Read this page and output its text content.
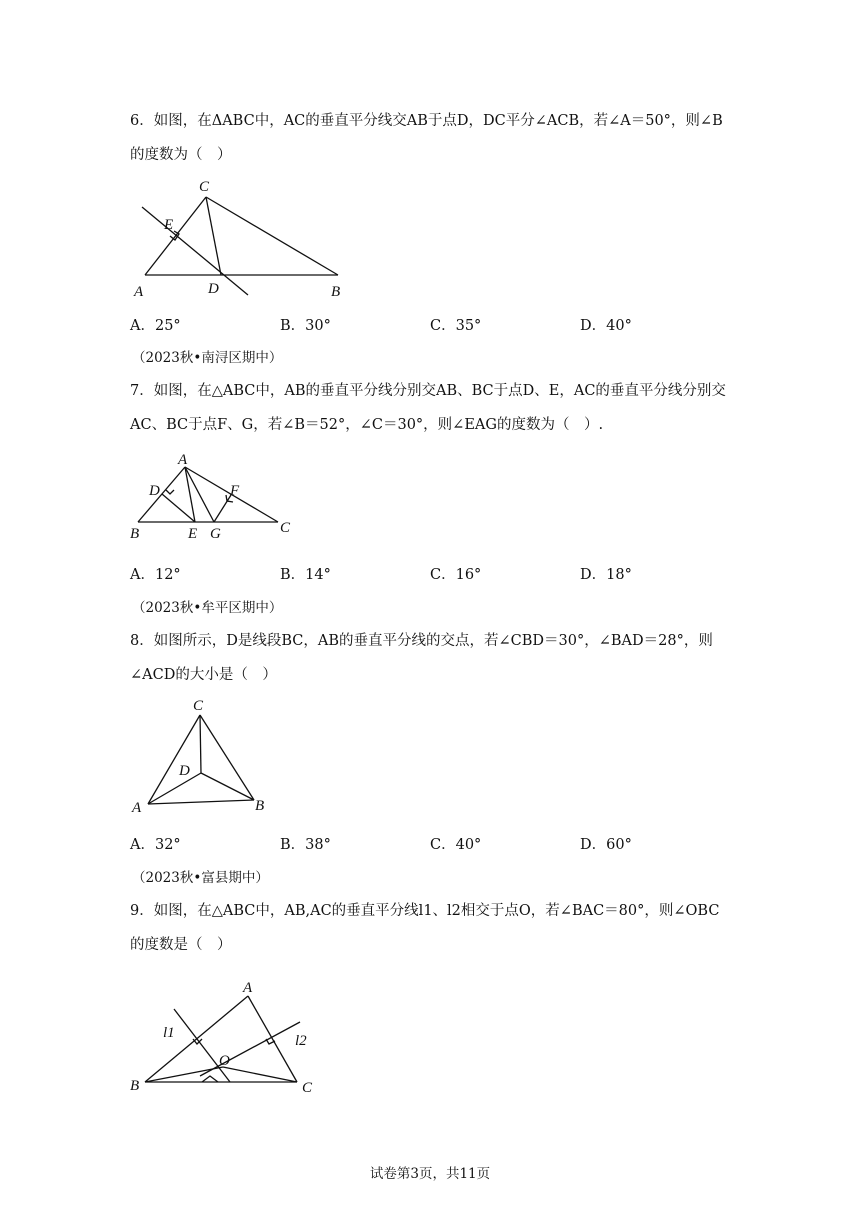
6．如图，在ΔABC中，AC的垂直平分线交AB于点D，DC平分∠ACB，若∠A＝50°，则∠B的度数为（　）

C
E
A	D	B
A．25°	B．30°	C．35°	D．40°
（2023秋•南浔区期中）

7．如图，在△ABC中，AB的垂直平分线分别交AB、BC于点D、E，AC的垂直平分线分别交AC、BC于点F、G，若∠B＝52°，∠C＝30°，则∠EAG的度数为（　）.

A
D	F
B	E G	C
A．12°	B．14°	C．16°	D．18°
（2023秋•牟平区期中）

8．如图所示，D是线段BC，AB的垂直平分线的交点，若∠CBD＝30°，∠BAD＝28°，则∠ACD的大小是（　）

C
D
A	B
A．32°	B．38°	C．40°	D．60°
（2023秋•富县期中）

9．如图，在△ABC中，AB,AC的垂直平分线l1、l2相交于点O，若∠BAC＝80°，则∠OBC的度数是（　）

A
l1	l2
O
B	C
试卷第3页，共11页
